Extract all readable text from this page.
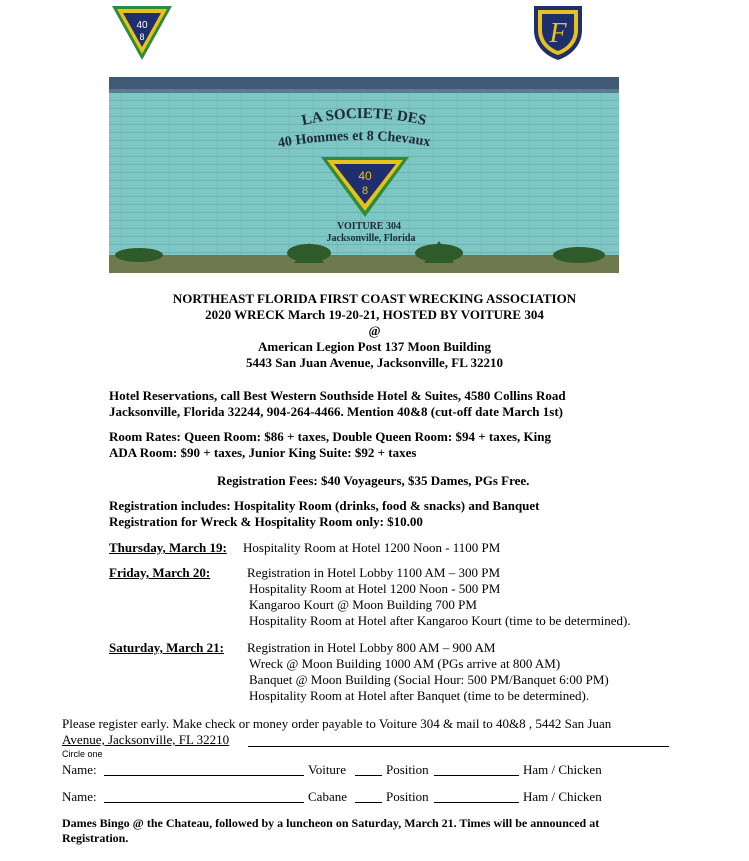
40
8	F
LA SOCIETE DES
40 Hommes et 8 Chevaux
40
8
VOITURE 304
Jacksonville, Florida
NORTHEAST FLORIDA FIRST COAST WRECKING ASSOCIATION
2020 WRECK March 19-20-21, HOSTED BY VOITURE 304
@
American Legion Post 137 Moon Building
5443 San Juan Avenue, Jacksonville, FL 32210
Hotel Reservations, call Best Western Southside Hotel & Suites, 4580 Collins Road
Jacksonville, Florida 32244, 904-264-4466. Mention 40&8 (cut-off date March 1st)
Room Rates: Queen Room: $86 + taxes, Double Queen Room: $94 + taxes, King
ADA Room: $90 + taxes, Junior King Suite: $92 + taxes
Registration Fees: $40 Voyageurs, $35 Dames, PGs Free.
Registration includes: Hospitality Room (drinks, food & snacks) and Banquet
Registration for Wreck & Hospitality Room only: $10.00
Thursday, March 19: Hospitality Room at Hotel 1200 Noon - 1100 PM
Friday, March 20:	Registration in Hotel Lobby 1100 AM – 300 PM
Hospitality Room at Hotel 1200 Noon - 500 PM
Kangaroo Kourt @ Moon Building 700 PM
Hospitality Room at Hotel after Kangaroo Kourt (time to be determined).
Saturday, March 21: Registration in Hotel Lobby 800 AM – 900 AM
Wreck @ Moon Building 1000 AM (PGs arrive at 800 AM)
Banquet @ Moon Building (Social Hour: 500 PM/Banquet 6:00 PM)
Hospitality Room at Hotel after Banquet (time to be determined).
Please register early. Make check or money order payable to Voiture 304 & mail to 40&8 , 5442 San Juan
Avenue, Jacksonville, FL 32210
Circle one
Name:	Voiture	Position	Ham / Chicken
Name:	Cabane	Position	Ham / Chicken
Dames Bingo @ the Chateau, followed by a luncheon on Saturday, March 21. Times will be announced at
Registration.
